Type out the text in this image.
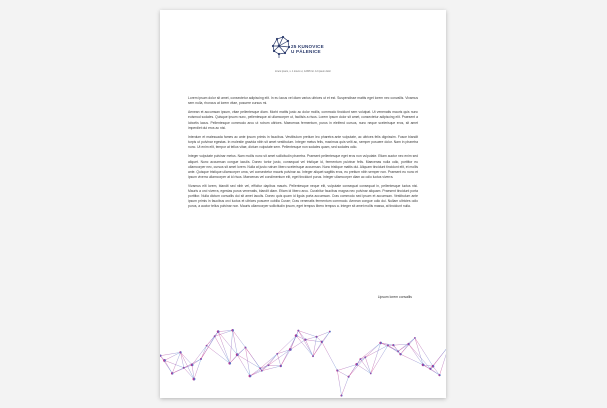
25 KUNOVICE
U PÁLENICE
lorem ipsum, s. 1 lorem ut, 12345 lor. 12 ipsum dolor

Lorem ipsum dolor sit amet, consectetur adipiscing elit. In eu lacus vel diam varius ultrices ut et est. Suspendisse mattis eget lorem nec convallis. Vivamus sem nulla, rhoncus at lorem vitae, posuere cursus mi.

Aenean et accumsan ipsum, vitae pellentesque diam. Morbi mattis justo ac dolor mollis, commodo tincidunt sem volutpat. Ut venenatis mauris quis nunc euismod sodales. Quisque ipsum nunc, pellentesque at ullamcorper ut, facilisis a risus. Lorem ipsum dolor sit amet, consectetur adipiscing elit. Praesent a lobortis lacus. Pellentesque commodo arcu ut rutrum ultrices. Maecenas fermentum, purus in eleifend cursus, nunc neque scelerisque eros, sit amet imperdiet dui eros ac nisi.

Interdum et malesuada fames ac ante ipsum primis in faucibus. Vestibulum pretium leo pharetra ante vulputate, ac ultrices felis dignissim. Fusce blandit turpis ut pulvinar egestas. In molestie gravida nibh sit amet vestibulum. Integer metus felis, maximus quis velit ac, semper posuere dolor. Nam in pharetra nunc. Ut enim elit, tempor at tellus vitae, dictum vulputate sem. Pellentesque non sodales quam, sed sodales odio.

Integer vulputate pulvinar metus. Nam mollis nunc sit amet sollicitudin pharetra. Praesent pellentesque eget eros non vulputate. Etiam auctor nec enim sed aliquet. Nunc accumsan congue iaculis. Donec tortor justo, consequat vel tristique id, fermentum pulvinar felis. Maecenas nulla odio, porttitor eu ullamcorper nec, cursus sit amet lorem. Nulla at justo rutrum libero scelerisque accumsan. Nunc tristique mattis dui. Aliquam tincidunt tincidunt elit, et mollis ante. Quisque tristique ullamcorper urna, vel consectetur mauris pulvinar ac. Integer aliquet sagittis eros, eu pretium nibh semper non. Praesent eu nunc et ipsum viverra ullamcorper at id risus. Maecenas vel condimentum elit, eget tincidunt purus. Integer ullamcorper diam ac odio luctus viverra.

Vivamus elit lorem, blandit sed nibh vel, efficitur dapibus mauris. Pellentesque neque elit, vulputate consequat consequat in, pellentesque luctus nisi. Mauris a orci viverra, egestas purus venenatis, blandit diam. Etiam id libero arcu. Curabitur faucibus magna nec pulvinar aliquam. Praesent tincidunt porta porttitor. Nulla dictum convallis dui sit amet iaculis. Donec quis quam id ligula porta accumsan. Cras commodo sed ipsum et accumsan. Vestibulum ante ipsum primis in faucibus orci luctus et ultrices posuere cubilia Curae; Cras venenatis fermentum commodo. Aenean congue odio dui. Nullam ultricies odio purus, a auctor tellus pulvinar non. Mauris ullamcorper sollicitudin ipsum, eget tempus libero tempus a. Integer sit amet mollis massa, at tincidunt nulla.

Lipsum lorem convallis
